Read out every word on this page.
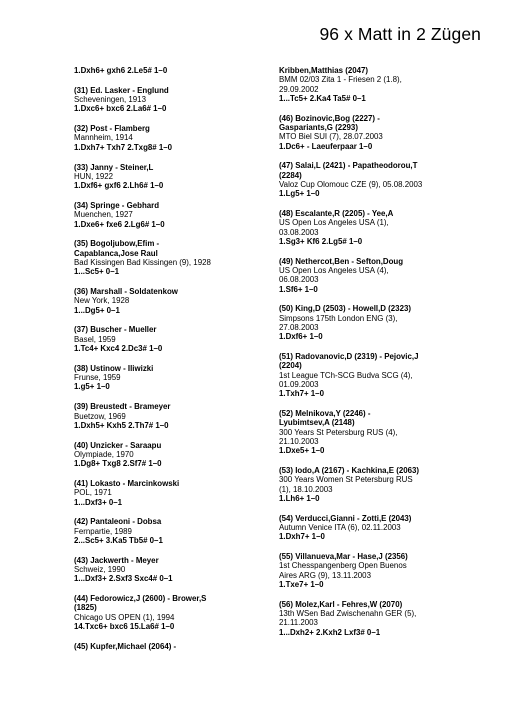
96 x Matt in 2 Zügen
1.Dxh6+ gxh6 2.Le5# 1–0
(31) Ed. Lasker - Englund
Scheveningen, 1913
1.Dxc6+ bxc6 2.La6# 1–0
(32) Post - Flamberg
Mannheim, 1914
1.Dxh7+ Txh7 2.Txg8# 1–0
(33) Janny - Steiner,L
HUN, 1922
1.Dxf6+ gxf6 2.Lh6# 1–0
(34) Springe - Gebhard
Muenchen, 1927
1.Dxe6+ fxe6 2.Lg6# 1–0
(35) Bogoljubow,Efim -
Capablanca,Jose Raul
Bad Kissingen Bad Kissingen (9), 1928
1...Sc5+ 0–1
(36) Marshall - Soldatenkow
New York, 1928
1...Dg5+ 0–1
(37) Buscher - Mueller
Basel, 1959
1.Tc4+ Kxc4 2.Dc3# 1–0
(38) Ustinow - Iliwizki
Frunse, 1959
1.g5+ 1–0
(39) Breustedt - Brameyer
Buetzow, 1969
1.Dxh5+ Kxh5 2.Th7# 1–0
(40) Unzicker - Saraapu
Olympiade, 1970
1.Dg8+ Txg8 2.Sf7# 1–0
(41) Lokasto - Marcinkowski
POL, 1971
1...Dxf3+ 0–1
(42) Pantaleoni - Dobsa
Fernpartie, 1989
2...Sc5+ 3.Ka5 Tb5# 0–1
(43) Jackwerth - Meyer
Schweiz, 1990
1...Dxf3+ 2.Sxf3 Sxc4# 0–1
(44) Fedorowicz,J (2600) - Brower,S
(1825)
Chicago US OPEN (1), 1994
14.Txc6+ bxc6 15.La6# 1–0
(45) Kupfer,Michael (2064) -
Kribben,Matthias (2047)
BMM 02/03 Zita 1 - Friesen 2 (1.8),
29.09.2002
1...Tc5+ 2.Ka4 Ta5# 0–1
(46) Bozinovic,Bog (2227) -
Gaspariants,G (2293)
MTO Biel SUI (7), 28.07.2003
1.Dc6+ - Laeuferpaar 1–0
(47) Salai,L (2421) - Papatheodorou,T
(2284)
Valoz Cup Olomouc CZE (9), 05.08.2003
1.Lg5+ 1–0
(48) Escalante,R (2205) - Yee,A
US Open Los Angeles USA (1),
03.08.2003
1.Sg3+ Kf6 2.Lg5# 1–0
(49) Nethercot,Ben - Sefton,Doug
US Open Los Angeles USA (4),
06.08.2003
1.Sf6+ 1–0
(50) King,D (2503) - Howell,D (2323)
Simpsons 175th London ENG (3),
27.08.2003
1.Dxf6+ 1–0
(51) Radovanovic,D (2319) - Pejovic,J
(2204)
1st League TCh-SCG Budva SCG (4),
01.09.2003
1.Txh7+ 1–0
(52) Melnikova,Y (2246) -
Lyubimtsev,A (2148)
300 Years St Petersburg RUS (4),
21.10.2003
1.Dxe5+ 1–0
(53) Iodo,A (2167) - Kachkina,E (2063)
300 Years Women St Petersburg RUS
(1), 18.10.2003
1.Lh6+ 1–0
(54) Verducci,Gianni - Zotti,E (2043)
Autumn Venice ITA (6), 02.11.2003
1.Dxh7+ 1–0
(55) Villanueva,Mar - Hase,J (2356)
1st Chesspangenberg Open Buenos
Aires ARG (9), 13.11.2003
1.Txe7+ 1–0
(56) Molez,Karl - Fehres,W (2070)
13th WSen Bad Zwischenahn GER (5),
21.11.2003
1...Dxh2+ 2.Kxh2 Lxf3# 0–1
